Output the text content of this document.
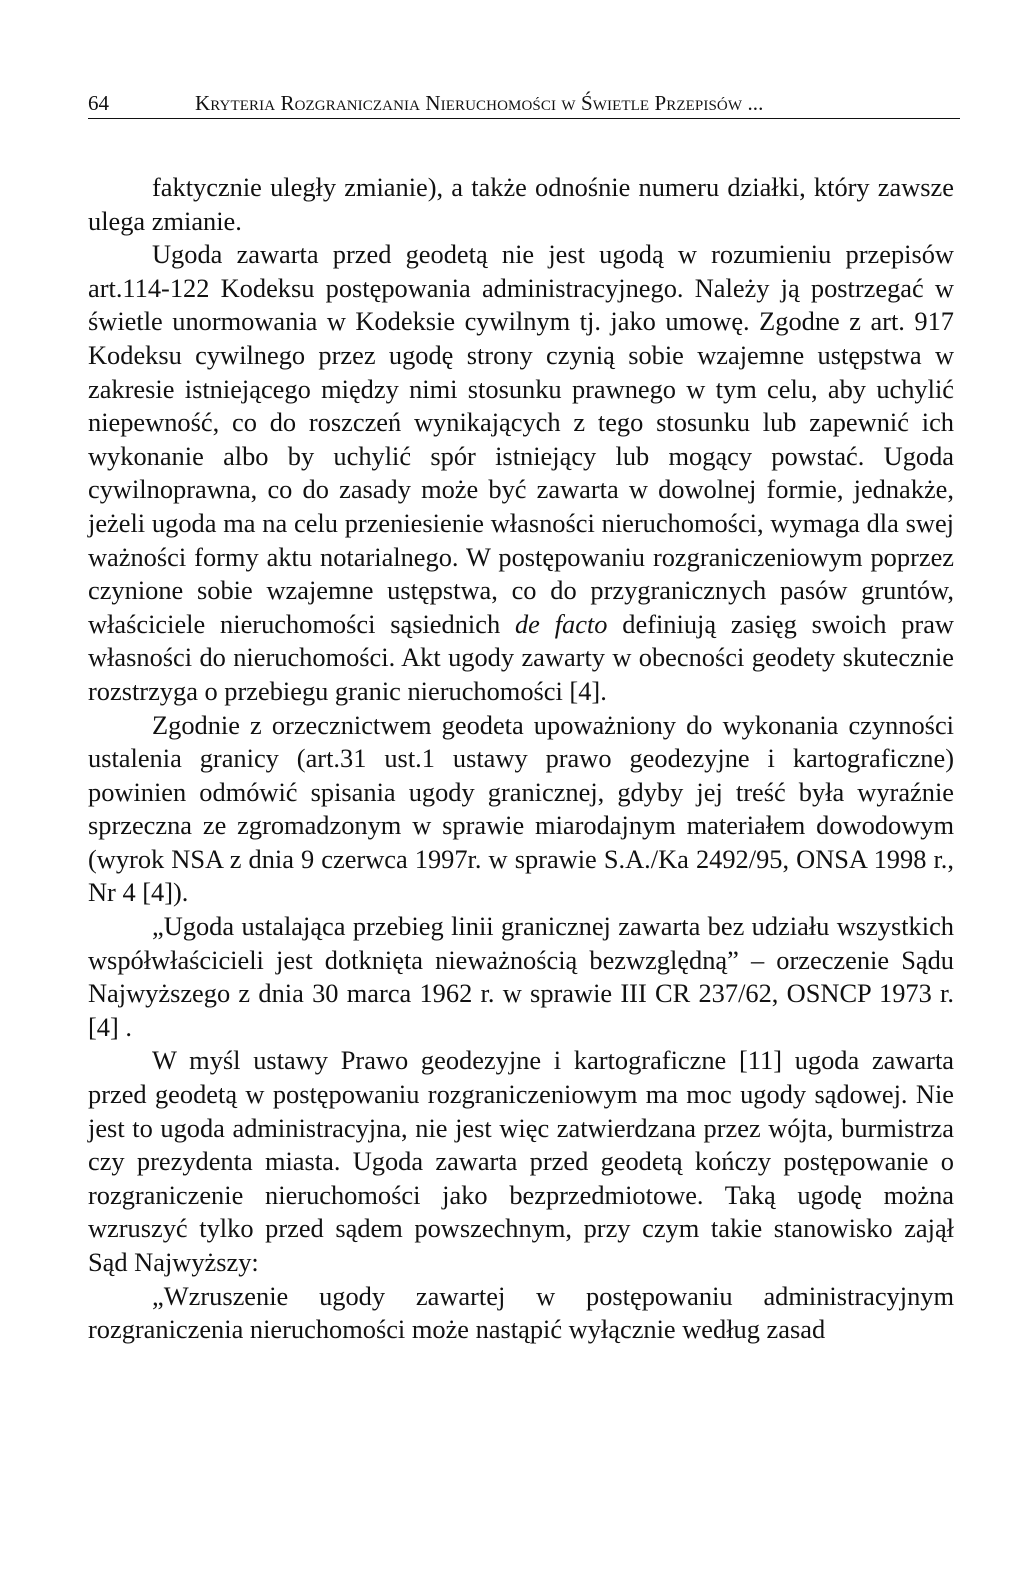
64	Kryteria Rozgraniczania Nieruchomości w Świetle Przepisów ...

faktycznie uległy zmianie), a także odnośnie numeru działki, który zawsze ulega zmianie.

Ugoda zawarta przed geodetą nie jest ugodą w rozumieniu przepisów art.114-122 Kodeksu postępowania administracyjnego. Należy ją postrzegać w świetle unormowania w Kodeksie cywilnym tj. jako umowę. Zgodne z art. 917 Kodeksu cywilnego przez ugodę strony czynią sobie wzajemne ustępstwa w zakresie istniejącego między nimi stosunku prawnego w tym celu, aby uchylić niepewność, co do roszczeń wynikających z tego stosunku lub zapewnić ich wykonanie albo by uchylić spór istniejący lub mogący powstać. Ugoda cywilnoprawna, co do zasady może być zawarta w dowolnej formie, jednakże, jeżeli ugoda ma na celu przeniesienie własności nieruchomości, wymaga dla swej ważności formy aktu notarialnego. W postępowaniu rozgraniczeniowym poprzez czynione sobie wzajemne ustępstwa, co do przygranicznych pasów gruntów, właściciele nieruchomości sąsiednich de facto definiują zasięg swoich praw własności do nieruchomości. Akt ugody zawarty w obecności geodety skutecznie rozstrzyga o przebiegu granic nieruchomości [4].

Zgodnie z orzecznictwem geodeta upoważniony do wykonania czynności ustalenia granicy (art.31 ust.1 ustawy prawo geodezyjne i kartograficzne) powinien odmówić spisania ugody granicznej, gdyby jej treść była wyraźnie sprzeczna ze zgromadzonym w sprawie miarodajnym materiałem dowodowym (wyrok NSA z dnia 9 czerwca 1997r. w sprawie S.A./Ka 2492/95, ONSA 1998 r., Nr 4 [4]).

„Ugoda ustalająca przebieg linii granicznej zawarta bez udziału wszystkich współwłaścicieli jest dotknięta nieważnością bezwzględną” – orzeczenie Sądu Najwyższego z dnia 30 marca 1962 r. w sprawie III CR 237/62, OSNCP 1973 r. [4] .

W myśl ustawy Prawo geodezyjne i kartograficzne [11] ugoda zawarta przed geodetą w postępowaniu rozgraniczeniowym ma moc ugody sądowej. Nie jest to ugoda administracyjna, nie jest więc zatwierdzana przez wójta, burmistrza czy prezydenta miasta. Ugoda zawarta przed geodetą kończy postępowanie o rozgraniczenie nieruchomości jako bezprzedmiotowe. Taką ugodę można wzruszyć tylko przed sądem powszechnym, przy czym takie stanowisko zajął Sąd Najwyższy:

„Wzruszenie ugody zawartej w postępowaniu administracyjnym rozgraniczenia nieruchomości może nastąpić wyłącznie według zasad
